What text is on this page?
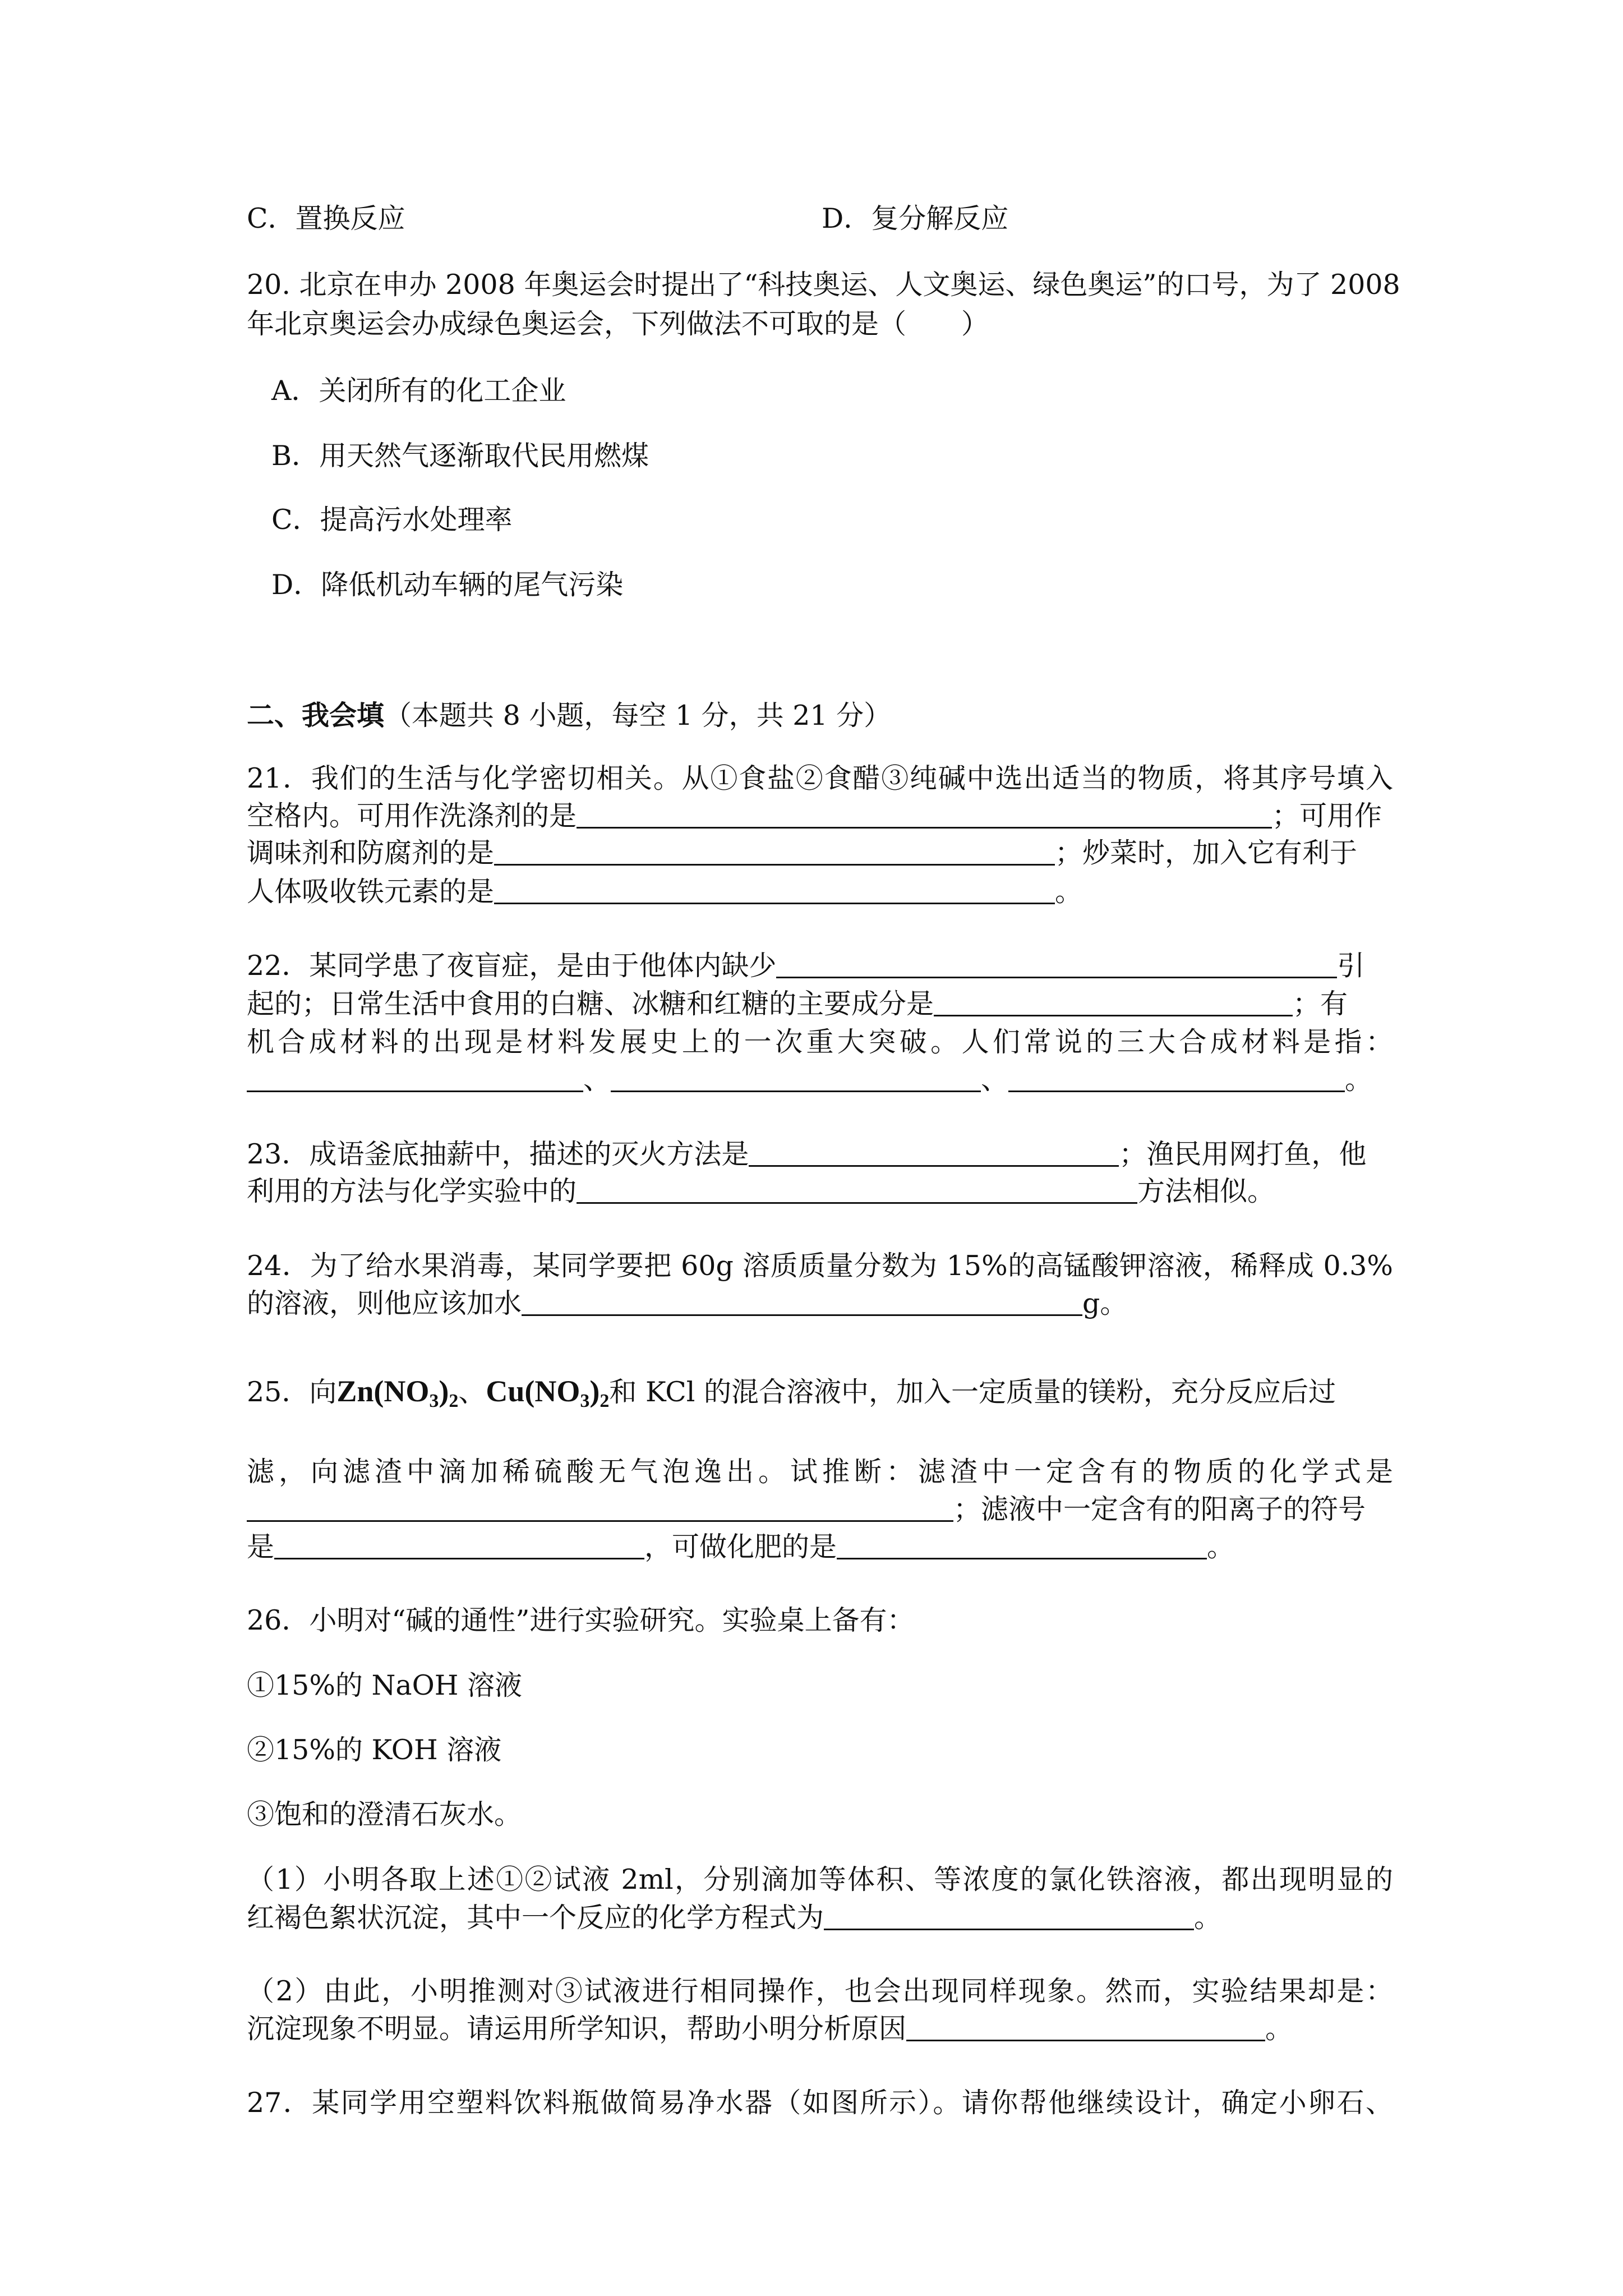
C．置换反应	D．复分解反应
20. 北京在申办 2008 年奥运会时提出了“科技奥运、人文奥运、绿色奥运”的口号，为了 2008
年北京奥运会办成绿色奥运会，下列做法不可取的是（　　）
A．关闭所有的化工企业
B．用天然气逐渐取代民用燃煤
C．提高污水处理率
D．降低机动车辆的尾气污染
二、我会填（本题共 8 小题，每空 1 分，共 21 分）
21．我们的生活与化学密切相关。从①食盐②食醋③纯碱中选出适当的物质，将其序号填入
空格内。可用作洗涤剂的是	；可用作
调味剂和防腐剂的是	；炒菜时，加入它有利于
人体吸收铁元素的是	。
22．某同学患了夜盲症，是由于他体内缺少	引
起的；日常生活中食用的白糖、冰糖和红糖的主要成分是	；有
机合成材料的出现是材料发展史上的一次重大突破。人们常说的三大合成材料是指：
、	、	。
23．成语釜底抽薪中，描述的灭火方法是	；渔民用网打鱼，他
利用的方法与化学实验中的	方法相似。
24．为了给水果消毒，某同学要把 60g 溶质质量分数为 15%的高锰酸钾溶液，稀释成 0.3%
的溶液，则他应该加水	g。
25．向$Zn(NO_3)_2$、$Cu(NO_3)_2$和 KCl 的混合溶液中，加入一定质量的镁粉，充分反应后过
滤，向滤渣中滴加稀硫酸无气泡逸出。试推断：滤渣中一定含有的物质的化学式是
；滤液中一定含有的阳离子的符号
是	，可做化肥的是	。
26．小明对“碱的通性”进行实验研究。实验桌上备有：
①15%的 NaOH 溶液
②15%的 KOH 溶液
③饱和的澄清石灰水。
（1）小明各取上述①②试液 2ml，分别滴加等体积、等浓度的氯化铁溶液，都出现明显的
红褐色絮状沉淀，其中一个反应的化学方程式为	。
（2）由此，小明推测对③试液进行相同操作，也会出现同样现象。然而，实验结果却是：
沉淀现象不明显。请运用所学知识，帮助小明分析原因	。
27．某同学用空塑料饮料瓶做简易净水器（如图所示）。请你帮他继续设计，确定小卵石、
